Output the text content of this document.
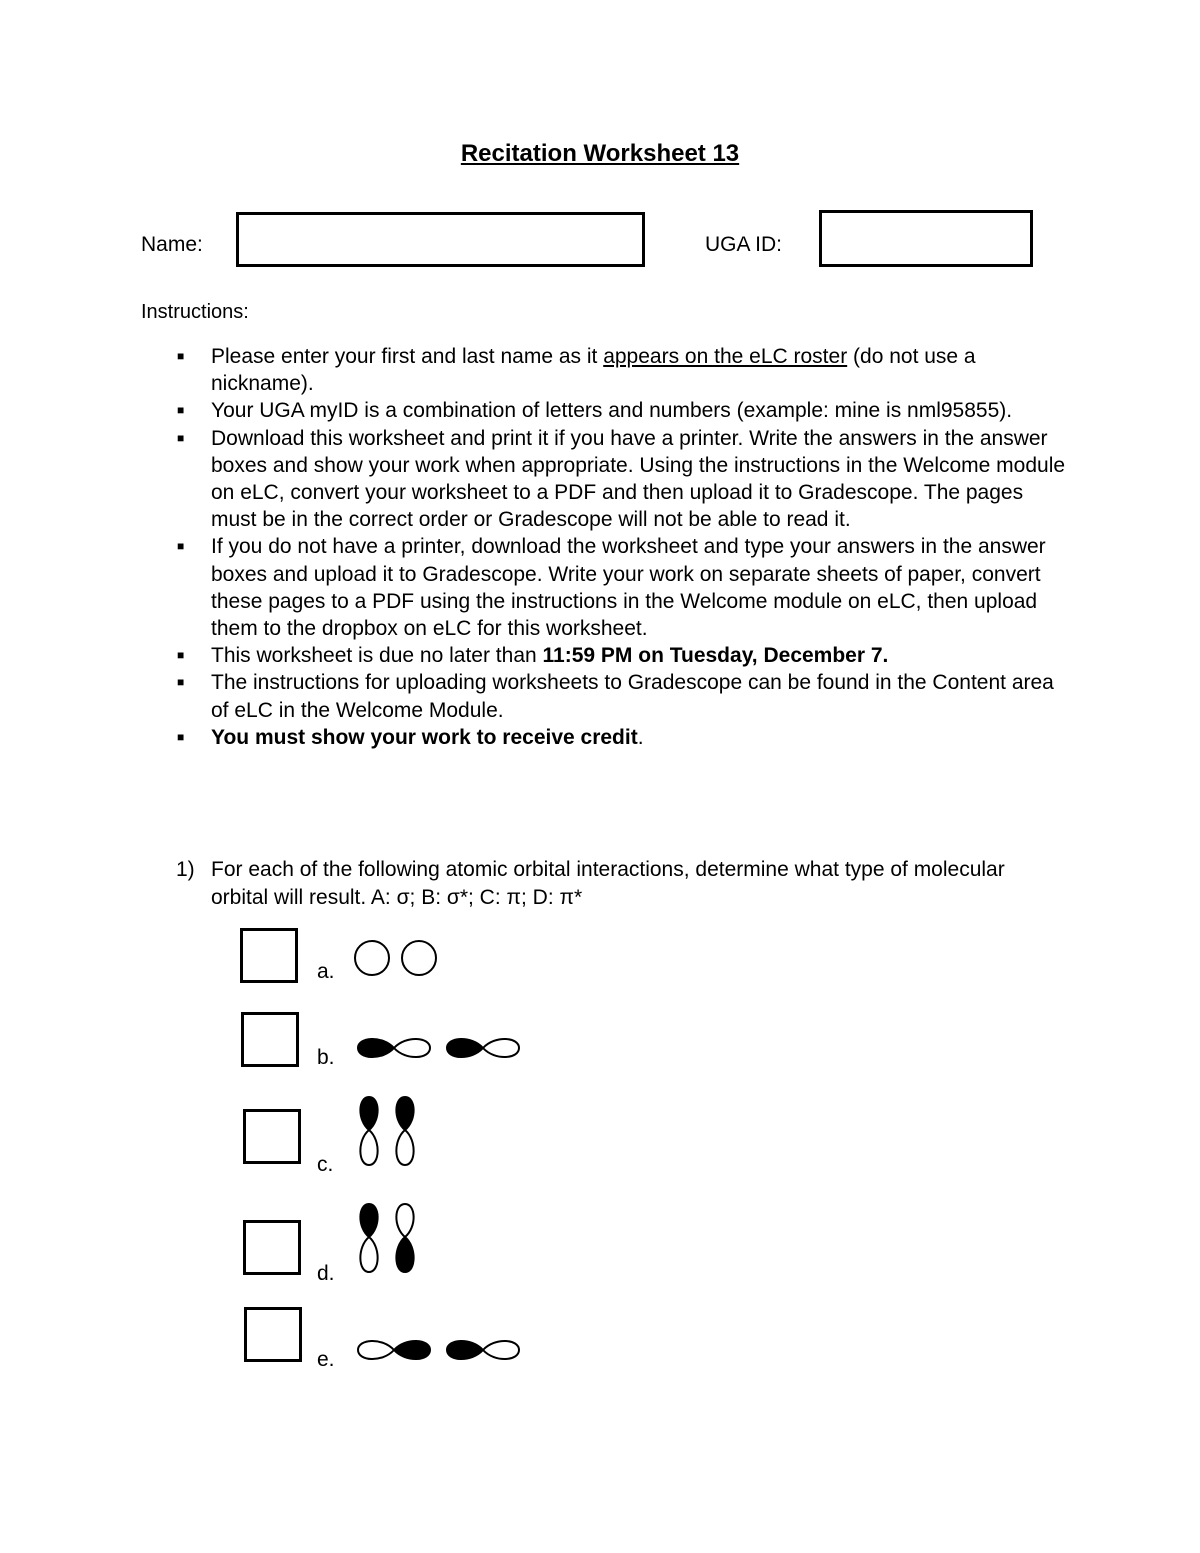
Recitation Worksheet 13
Name:	UGA ID:
Instructions:
■ Please enter your first and last name as it appears on the eLC roster (do not use a nickname).
■ Your UGA myID is a combination of letters and numbers (example: mine is nml95855).
■ Download this worksheet and print it if you have a printer. Write the answers in the answer boxes and show your work when appropriate. Using the instructions in the Welcome module on eLC, convert your worksheet to a PDF and then upload it to Gradescope. The pages must be in the correct order or Gradescope will not be able to read it.
■ If you do not have a printer, download the worksheet and type your answers in the answer boxes and upload it to Gradescope. Write your work on separate sheets of paper, convert these pages to a PDF using the instructions in the Welcome module on eLC, then upload them to the dropbox on eLC for this worksheet.
■ This worksheet is due no later than 11:59 PM on Tuesday, December 7.
■ The instructions for uploading worksheets to Gradescope can be found in the Content area of eLC in the Welcome Module.
■ You must show your work to receive credit.
1) For each of the following atomic orbital interactions, determine what type of molecular orbital will result. A: σ; B: σ*; C: π; D: π*
a.
b.
c.
d.
e.
